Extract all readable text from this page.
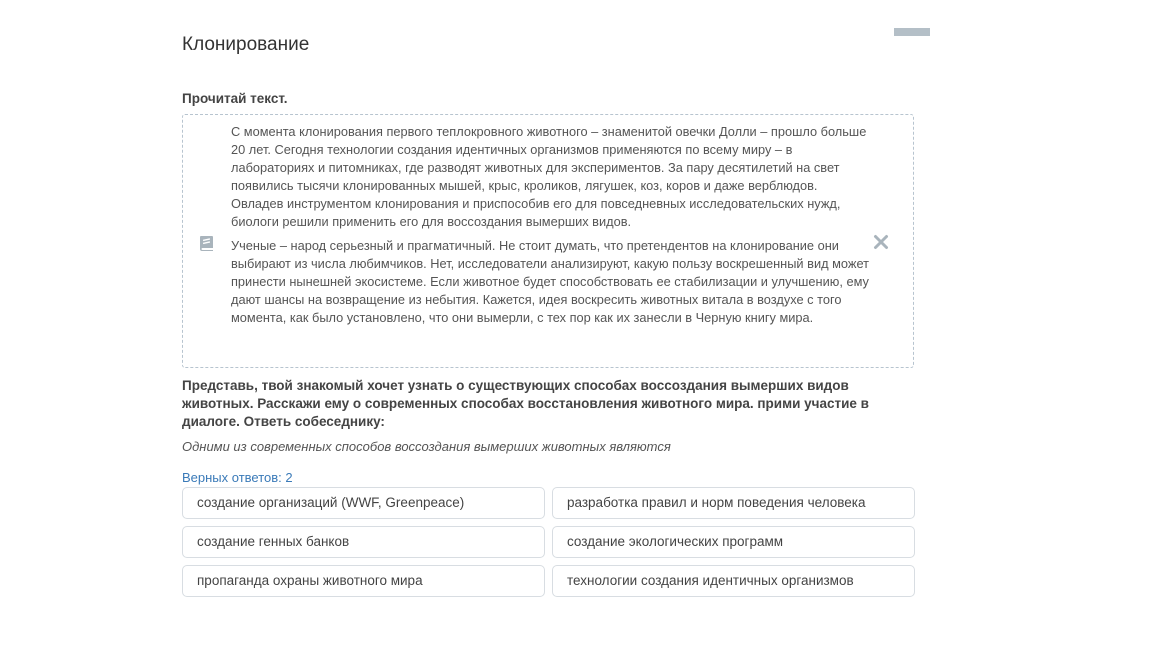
Клонирование
Прочитай текст.

С момента клонирования первого теплокровного животного – знаменитой овечки Долли – прошло больше 20 лет. Сегодня технологии создания идентичных организмов применяются по всему миру – в лабораториях и питомниках, где разводят животных для экспериментов. За пару десятилетий на свет появились тысячи клонированных мышей, крыс, кроликов, лягушек, коз, коров и даже верблюдов. Овладев инструментом клонирования и приспособив его для повседневных исследовательских нужд, биологи решили применить его для воссоздания вымерших видов.

Ученые – народ серьезный и прагматичный. Не стоит думать, что претендентов на клонирование они выбирают из числа любимчиков. Нет, исследователи анализируют, какую пользу воскрешенный вид может принести нынешней экосистеме. Если животное будет способствовать ее стабилизации и улучшению, ему дают шансы на возвращение из небытия. Кажется, идея воскресить животных витала в воздухе с того момента, как было установлено, что они вымерли, с тех пор как их занесли в Черную книгу мира.

Представь, твой знакомый хочет узнать о существующих способах воссоздания вымерших видов животных. Расскажи ему о современных способах восстановления животного мира. прими участие в диалоге. Ответь собеседнику:
Одними из современных способов воссоздания вымерших животных являются
Верных ответов: 2
создание организаций (WWF, Greenpeace)	разработка правил и норм поведения человека
создание генных банков	создание экологических программ
пропаганда охраны животного мира	технологии создания идентичных организмов
